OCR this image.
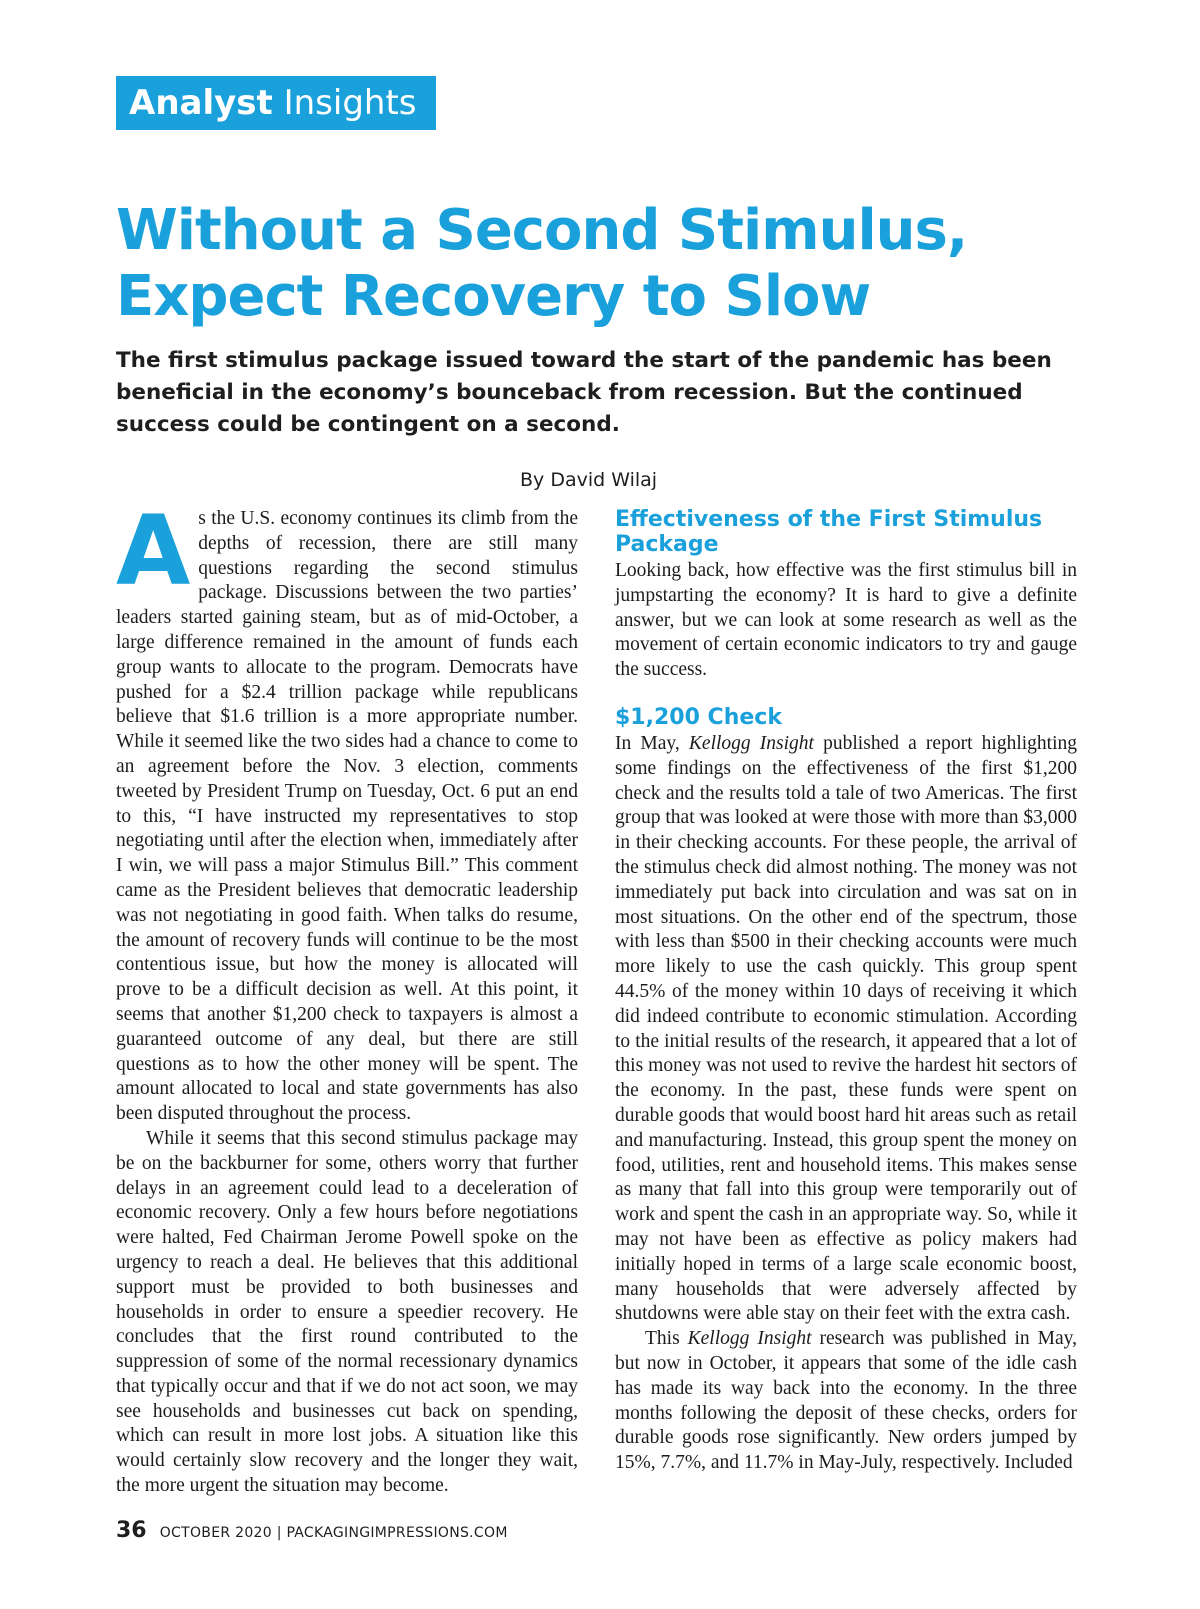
Analyst Insights
Without a Second Stimulus,
Expect Recovery to Slow

The first stimulus package issued toward the start of the pandemic has been
beneficial in the economy’s bounceback from recession. But the continued
success could be contingent on a second.

By David Wilaj
A s the U.S. economy continues its climb from the depths of recession, there are still many questions regarding the second stimulus package. Discussions between the two parties’ leaders started gaining steam, but as of mid-October, a large difference remained in the amount of funds each group wants to allocate to the program. Democrats have pushed for a $2.4 trillion package while republicans believe that $1.6 trillion is a more appropriate number. While it seemed like the two sides had a chance to come to an agreement before the Nov. 3 election, comments tweeted by President Trump on Tuesday, Oct. 6 put an end to this, “I have instructed my representatives to stop negotiating until after the election when, immediately after I win, we will pass a major Stimulus Bill.” This comment came as the President believes that democratic leadership was not negotiating in good faith. When talks do resume, the amount of recovery funds will continue to be the most contentious issue, but how the money is allocated will prove to be a difficult decision as well. At this point, it seems that another $1,200 check to taxpayers is almost a guaranteed outcome of any deal, but there are still questions as to how the other money will be spent. The amount allocated to local and state governments has also been disputed throughout the process.

While it seems that this second stimulus package may be on the backburner for some, others worry that further delays in an agreement could lead to a deceleration of economic recovery. Only a few hours before negotiations were halted, Fed Chairman Jerome Powell spoke on the urgency to reach a deal. He believes that this additional support must be provided to both businesses and households in order to ensure a speedier recovery. He concludes that the first round contributed to the suppression of some of the normal recessionary dynamics that typically occur and that if we do not act soon, we may see households and businesses cut back on spending, which can result in more lost jobs. A situation like this would certainly slow recovery and the longer they wait, the more urgent the situation may become.

Effectiveness of the First Stimulus Package

Looking back, how effective was the first stimulus bill in jumpstarting the economy? It is hard to give a definite answer, but we can look at some research as well as the movement of certain economic indicators to try and gauge the success.

$1,200 Check

In May, Kellogg Insight published a report highlighting some findings on the effectiveness of the first $1,200 check and the results told a tale of two Americas. The first group that was looked at were those with more than $3,000 in their checking accounts. For these people, the arrival of the stimulus check did almost nothing. The money was not immediately put back into circulation and was sat on in most situations. On the other end of the spectrum, those with less than $500 in their checking accounts were much more likely to use the cash quickly. This group spent 44.5% of the money within 10 days of receiving it which did indeed contribute to economic stimulation. According to the initial results of the research, it appeared that a lot of this money was not used to revive the hardest hit sectors of the economy. In the past, these funds were spent on durable goods that would boost hard hit areas such as retail and manufacturing. Instead, this group spent the money on food, utilities, rent and household items. This makes sense as many that fall into this group were temporarily out of work and spent the cash in an appropriate way. So, while it may not have been as effective as policy makers had initially hoped in terms of a large scale economic boost, many households that were adversely affected by shutdowns were able stay on their feet with the extra cash.

This Kellogg Insight research was published in May, but now in October, it appears that some of the idle cash has made its way back into the economy. In the three months following the deposit of these checks, orders for durable goods rose significantly. New orders jumped by 15%, 7.7%, and 11.7% in May-July, respectively. Included

36 OCTOBER 2020 | PACKAGINGIMPRESSIONS.COM
